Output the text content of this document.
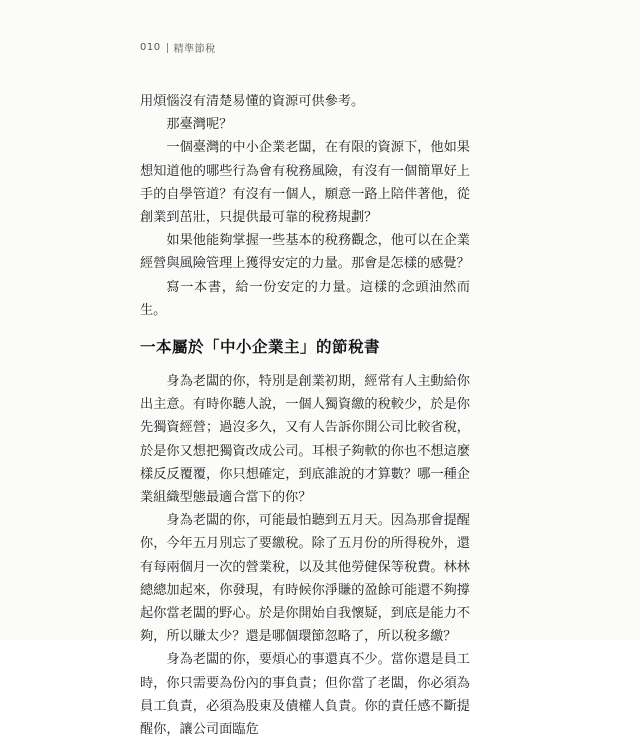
010 精準節稅

用煩惱沒有清楚易懂的資源可供參考。

那臺灣呢？

一個臺灣的中小企業老闆，在有限的資源下，他如果想知道他的哪些行為會有稅務風險，有沒有一個簡單好上手的自學管道？有沒有一個人，願意一路上陪伴著他，從創業到茁壯，只提供最可靠的稅務規劃？

如果他能夠掌握一些基本的稅務觀念，他可以在企業經營與風險管理上獲得安定的力量。那會是怎樣的感覺？

寫一本書，給一份安定的力量。這樣的念頭油然而生。

一本屬於「中小企業主」的節稅書

身為老闆的你，特別是創業初期，經常有人主動給你出主意。有時你聽人說，一個人獨資繳的稅較少，於是你先獨資經營；過沒多久，又有人告訴你開公司比較省稅，於是你又想把獨資改成公司。耳根子夠軟的你也不想這麼樣反反覆覆，你只想確定，到底誰說的才算數？哪一種企業組織型態最適合當下的你？

身為老闆的你，可能最怕聽到五月天。因為那會提醒你，今年五月別忘了要繳稅。除了五月份的所得稅外，還有每兩個月一次的營業稅，以及其他勞健保等稅費。林林總總加起來，你發現，有時候你淨賺的盈餘可能還不夠撐起你當老闆的野心。於是你開始自我懷疑，到底是能力不夠，所以賺太少？還是哪個環節忽略了，所以稅多繳？

身為老闆的你，要煩心的事還真不少。當你還是員工時，你只需要為份內的事負責；但你當了老闆，你必須為員工負責，必須為股東及債權人負責。你的責任感不斷提醒你，讓公司面臨危
